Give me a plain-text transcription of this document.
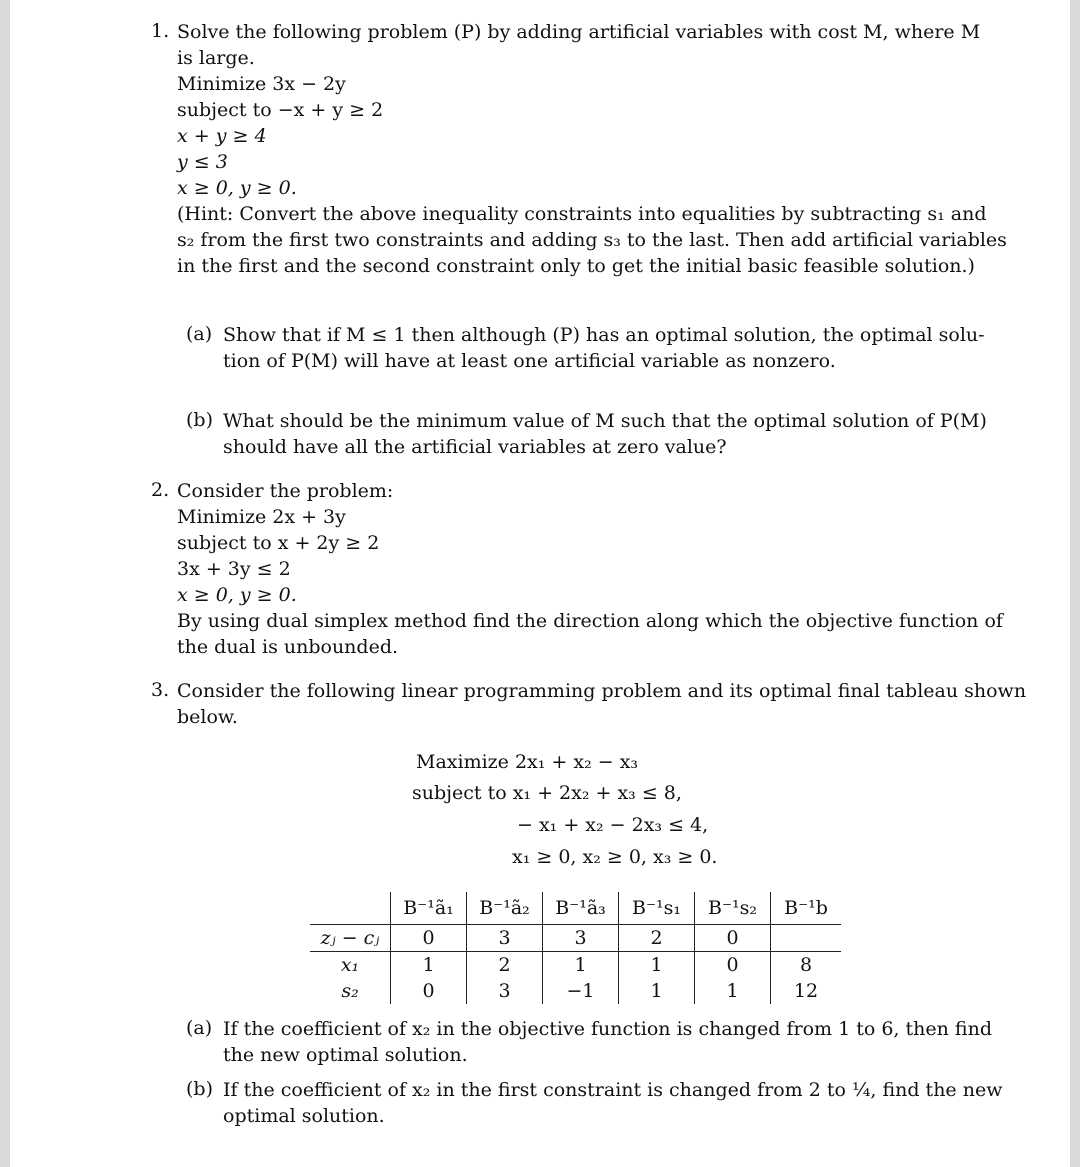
1. Solve the following problem (P) by adding artificial variables with cost M, where M
is large.
Minimize 3x − 2y
subject to −x + y ≥ 2
x + y ≥ 4
y ≤ 3
x ≥ 0, y ≥ 0.
(Hint: Convert the above inequality constraints into equalities by subtracting s₁ and
s₂ from the first two constraints and adding s₃ to the last. Then add artificial variables
in the first and the second constraint only to get the initial basic feasible solution.)
(a) Show that if M ≤ 1 then although (P) has an optimal solution, the optimal solu-
tion of P(M) will have at least one artificial variable as nonzero.
(b) What should be the minimum value of M such that the optimal solution of P(M)
should have all the artificial variables at zero value?
2. Consider the problem:
Minimize 2x + 3y
subject to x + 2y ≥ 2
3x + 3y ≤ 2
x ≥ 0, y ≥ 0.
By using dual simplex method find the direction along which the objective function of
the dual is unbounded.
3. Consider the following linear programming problem and its optimal final tableau shown
below.
Maximize 2x₁ + x₂ − x₃
subject to x₁ + 2x₂ + x₃ ≤ 8,
− x₁ + x₂ − 2x₃ ≤ 4,
x₁ ≥ 0, x₂ ≥ 0, x₃ ≥ 0.
	B⁻¹ã₁	B⁻¹ã₂	B⁻¹ã₃	B⁻¹s₁	B⁻¹s₂	B⁻¹b
zⱼ − cⱼ	0	3	3	2	0	
x₁	1	2	1	1	0	8
s₂	0	3	−1	1	1	12
(a) If the coefficient of x₂ in the objective function is changed from 1 to 6, then find
the new optimal solution.
(b) If the coefficient of x₂ in the first constraint is changed from 2 to ¼, find the new
optimal solution.
